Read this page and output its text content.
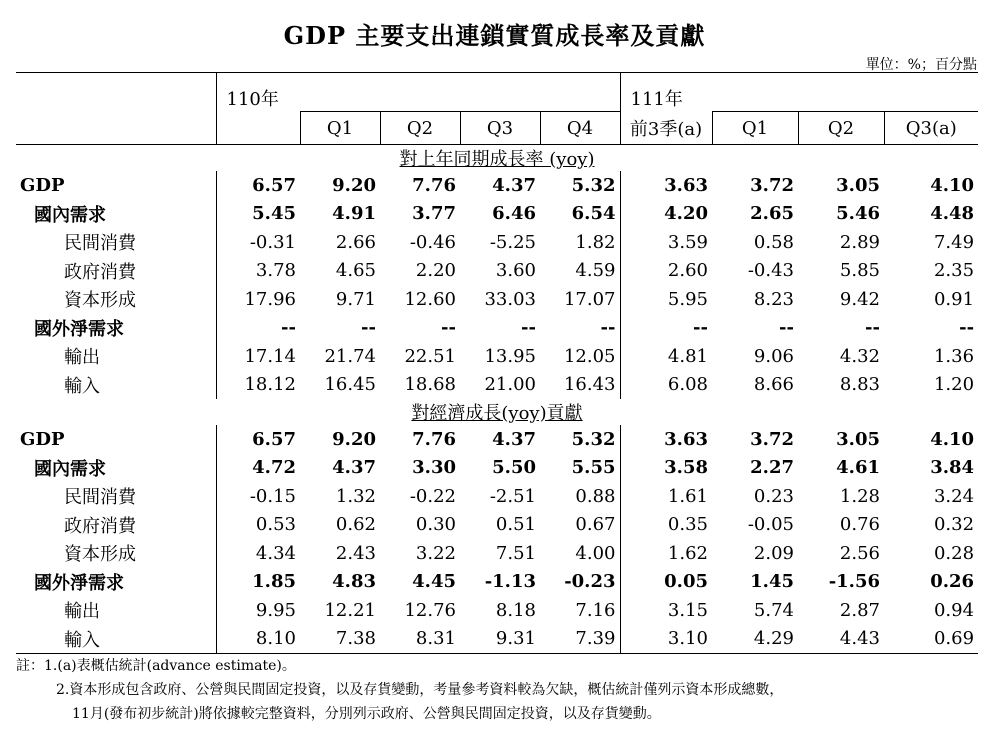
GDP 主要支出連鎖實質成長率及貢獻
單位：%；百分點
	110年					111年			
		Q1	Q2	Q3	Q4	前3季(a)	Q1	Q2	Q3(a)
對上年同期成長率 (yoy)									
GDP	6.57	9.20	7.76	4.37	5.32	3.63	3.72	3.05	4.10
國內需求	5.45	4.91	3.77	6.46	6.54	4.20	2.65	5.46	4.48
民間消費	-0.31	2.66	-0.46	-5.25	1.82	3.59	0.58	2.89	7.49
政府消費	3.78	4.65	2.20	3.60	4.59	2.60	-0.43	5.85	2.35
資本形成	17.96	9.71	12.60	33.03	17.07	5.95	8.23	9.42	0.91
國外淨需求	--	--	--	--	--	--	--	--	--
輸出	17.14	21.74	22.51	13.95	12.05	4.81	9.06	4.32	1.36
輸入	18.12	16.45	18.68	21.00	16.43	6.08	8.66	8.83	1.20
對經濟成長(yoy)貢獻									
GDP	6.57	9.20	7.76	4.37	5.32	3.63	3.72	3.05	4.10
國內需求	4.72	4.37	3.30	5.50	5.55	3.58	2.27	4.61	3.84
民間消費	-0.15	1.32	-0.22	-2.51	0.88	1.61	0.23	1.28	3.24
政府消費	0.53	0.62	0.30	0.51	0.67	0.35	-0.05	0.76	0.32
資本形成	4.34	2.43	3.22	7.51	4.00	1.62	2.09	2.56	0.28
國外淨需求	1.85	4.83	4.45	-1.13	-0.23	0.05	1.45	-1.56	0.26
輸出	9.95	12.21	12.76	8.18	7.16	3.15	5.74	2.87	0.94
輸入	8.10	7.38	8.31	9.31	7.39	3.10	4.29	4.43	0.69
註：1.(a)表概估統計(advance estimate)。
2.資本形成包含政府、公營與民間固定投資，以及存貨變動，考量參考資料較為欠缺，概估統計僅列示資本形成總數，
11月(發布初步統計)將依據較完整資料，分別列示政府、公營與民間固定投資，以及存貨變動。
